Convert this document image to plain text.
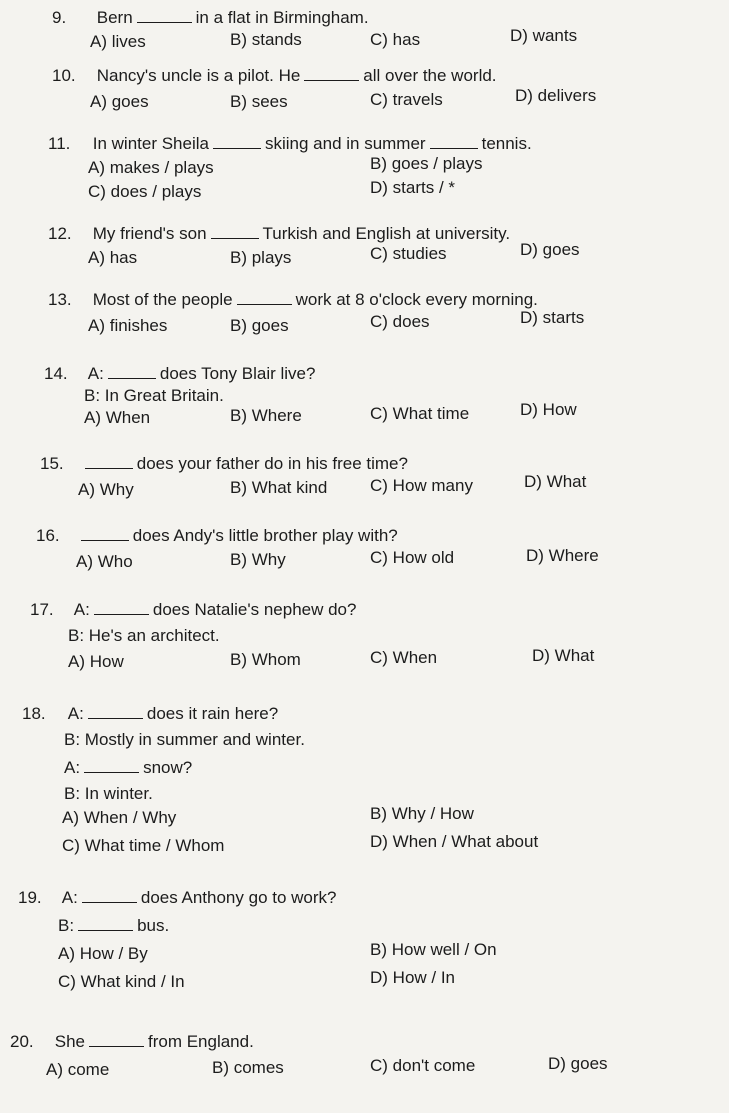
9. Bern	in a flat in Birmingham.
A) lives	B) stands	C) has	D) wants
10. Nancy's uncle is a pilot. He	all over the world.
A) goes	B) sees	C) travels	D) delivers
11. In winter Sheila	skiing and in summer	tennis.
A) makes / plays	B) goes / plays
C) does / plays	D) starts / *
12. My friend's son	Turkish and English at university.
A) has	B) plays	C) studies	D) goes
13. Most of the people	work at 8 o'clock every morning.
A) finishes	B) goes	C) does	D) starts
14. A:	does Tony Blair live?
B: In Great Britain.
A) When	B) Where	C) What time	D) How
15.	does your father do in his free time?
A) Why	B) What kind	C) How many	D) What
16.	does Andy's little brother play with?
A) Who	B) Why	C) How old	D) Where
17. A:	does Natalie's nephew do?
B: He's an architect.
A) How	B) Whom	C) When	D) What
18. A:	does it rain here?
B: Mostly in summer and winter.
A:	snow?
B: In winter.
A) When / Why	B) Why / How
C) What time / Whom	D) When / What about
19. A:	does Anthony go to work?
B:	bus.
A) How / By	B) How well / On
C) What kind / In	D) How / In
20. She	from England.
A) come	B) comes	C) don't come	D) goes
